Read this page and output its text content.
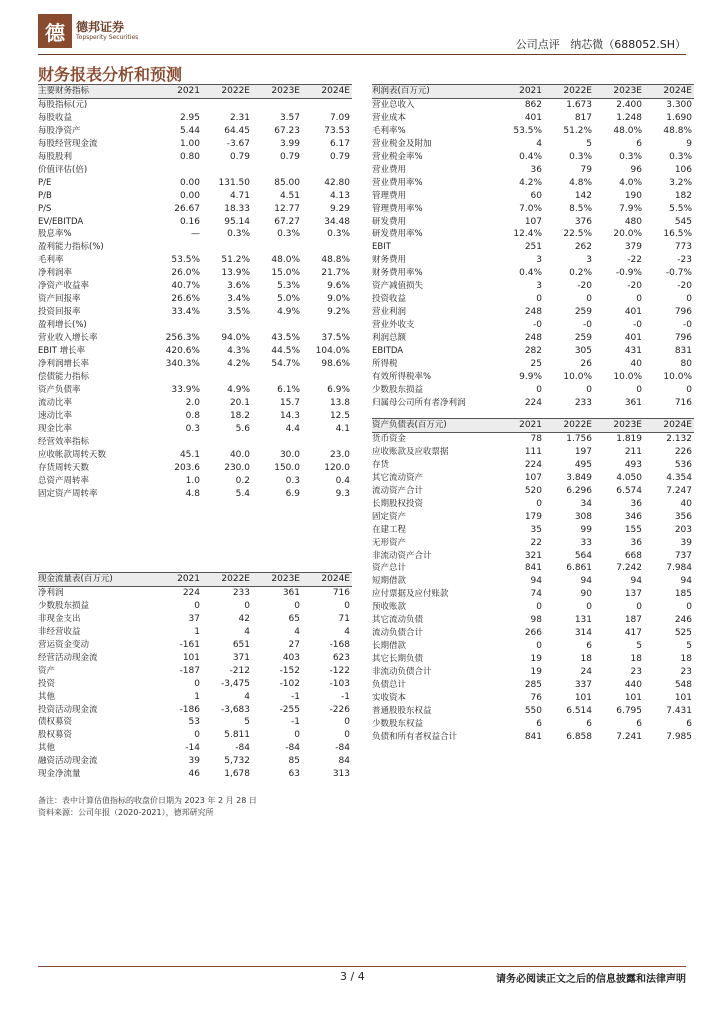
德 德邦证券
Topsperity Securities
公司点评 纳芯微（688052.SH）
财务报表分析和预测
主要财务指标	2021	2022E	2023E	2024E
每股指标(元)				
每股收益	2.95	2.31	3.57	7.09
每股净资产	5.44	64.45	67.23	73.53
每股经营现金流	1.00	-3.67	3.99	6.17
每股股利	0.80	0.79	0.79	0.79
价值评估(倍)				
P/E	0.00	131.50	85.00	42.80
P/B	0.00	4.71	4.51	4.13
P/S	26.67	18.33	12.77	9.29
EV/EBITDA	0.16	95.14	67.27	34.48
股息率%	—	0.3%	0.3%	0.3%
盈利能力指标(%)				
毛利率	53.5%	51.2%	48.0%	48.8%
净利润率	26.0%	13.9%	15.0%	21.7%
净资产收益率	40.7%	3.6%	5.3%	9.6%
资产回报率	26.6%	3.4%	5.0%	9.0%
投资回报率	33.4%	3.5%	4.9%	9.2%
盈利增长(%)				
营业收入增长率	256.3%	94.0%	43.5%	37.5%
EBIT 增长率	420.6%	4.3%	44.5%	104.0%
净利润增长率	340.3%	4.2%	54.7%	98.6%
偿债能力指标				
资产负债率	33.9%	4.9%	6.1%	6.9%
流动比率	2.0	20.1	15.7	13.8
速动比率	0.8	18.2	14.3	12.5
现金比率	0.3	5.6	4.4	4.1
经营效率指标				
应收帐款周转天数	45.1	40.0	30.0	23.0
存货周转天数	203.6	230.0	150.0	120.0
总资产周转率	1.0	0.2	0.3	0.4
固定资产周转率	4.8	5.4	6.9	9.3
现金流量表(百万元)	2021	2022E	2023E	2024E
净利润	224	233	361	716
少数股东损益	0	0	0	0
非现金支出	37	42	65	71
非经营收益	1	4	4	4
营运资金变动	-161	651	27	-168
经营活动现金流	101	371	403	623
资产	-187	-212	-152	-122
投资	0	-3,475	-102	-103
其他	1	4	-1	-1
投资活动现金流	-186	-3,683	-255	-226
债权募资	53	5	-1	0
股权募资	0	5.811	0	0
其他	-14	-84	-84	-84
融资活动现金流	39	5,732	85	84
现金净流量	46	1,678	63	313
利润表(百万元)	2021	2022E	2023E	2024E
营业总收入	862	1.673	2.400	3.300
营业成本	401	817	1.248	1.690
毛利率%	53.5%	51.2%	48.0%	48.8%
营业税金及附加	4	5	6	9
营业税金率%	0.4%	0.3%	0.3%	0.3%
营业费用	36	79	96	106
营业费用率%	4.2%	4.8%	4.0%	3.2%
管理费用	60	142	190	182
管理费用率%	7.0%	8.5%	7.9%	5.5%
研发费用	107	376	480	545
研发费用率%	12.4%	22.5%	20.0%	16.5%
EBIT	251	262	379	773
财务费用	3	3	-22	-23
财务费用率%	0.4%	0.2%	-0.9%	-0.7%
资产减值损失	3	-20	-20	-20
投资收益	0	0	0	0
营业利润	248	259	401	796
营业外收支	-0	-0	-0	-0
利润总额	248	259	401	796
EBITDA	282	305	431	831
所得税	25	26	40	80
有效所得税率%	9.9%	10.0%	10.0%	10.0%
少数股东损益	0	0	0	0
归属母公司所有者净利润	224	233	361	716
资产负债表(百万元)	2021	2022E	2023E	2024E
货币资金	78	1.756	1.819	2.132
应收账款及应收票据	111	197	211	226
存货	224	495	493	536
其它流动资产	107	3.849	4.050	4.354
流动资产合计	520	6.296	6.574	7.247
长期股权投资	0	34	36	40
固定资产	179	308	346	356
在建工程	35	99	155	203
无形资产	22	33	36	39
非流动资产合计	321	564	668	737
资产总计	841	6.861	7.242	7.984
短期借款	94	94	94	94
应付票据及应付账款	74	90	137	185
预收账款	0	0	0	0
其它流动负债	98	131	187	246
流动负债合计	266	314	417	525
长期借款	0	6	5	5
其它长期负债	19	18	18	18
非流动负债合计	19	24	23	23
负债总计	285	337	440	548
实收资本	76	101	101	101
普通股股东权益	550	6.514	6.795	7.431
少数股东权益	6	6	6	6
负债和所有者权益合计	841	6.858	7.241	7.985
备注：表中计算估值指标的收盘价日期为 2023 年 2 月 28 日
资料来源：公司年报（2020-2021），德邦研究所
3 / 4	请务必阅读正文之后的信息披露和法律声明
